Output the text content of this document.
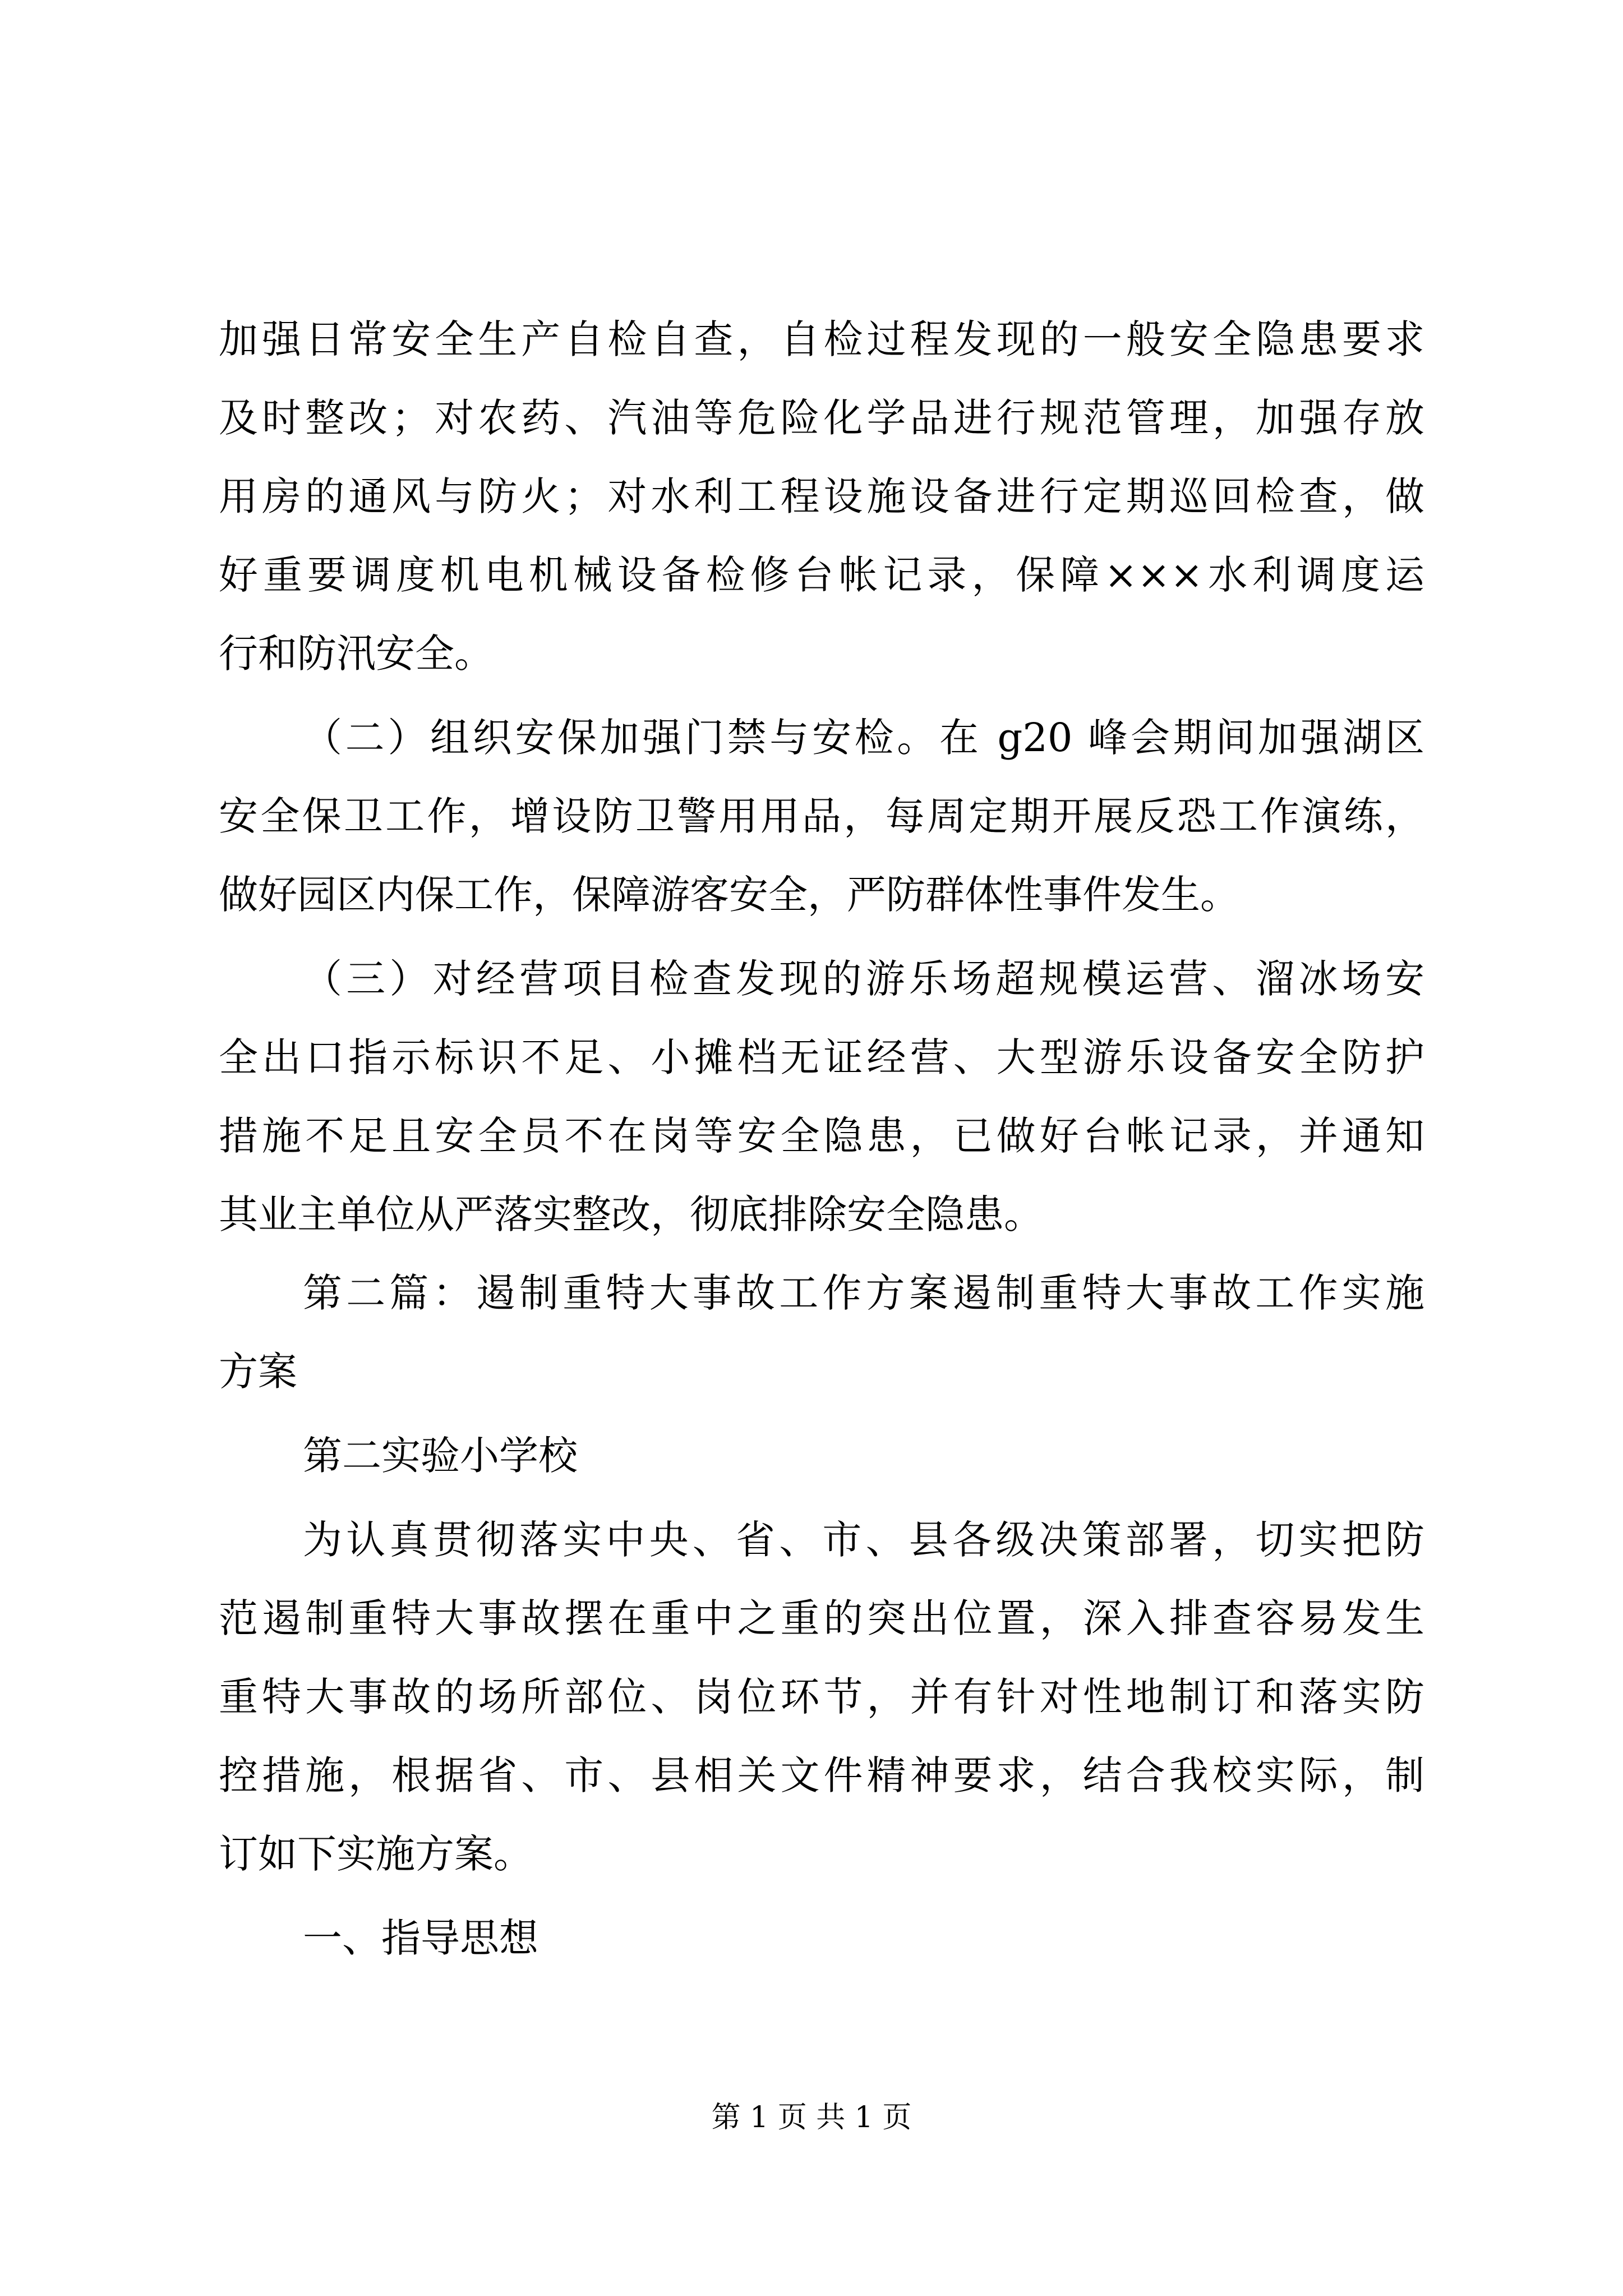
加强日常安全生产自检自查，自检过程发现的一般安全隐患要求

及时整改；对农药、汽油等危险化学品进行规范管理，加强存放

用房的通风与防火；对水利工程设施设备进行定期巡回检查，做

好重要调度机电机械设备检修台帐记录，保障×××水利调度运

行和防汛安全。

（二）组织安保加强门禁与安检。在 g20 峰会期间加强湖区

安全保卫工作，增设防卫警用用品，每周定期开展反恐工作演练，

做好园区内保工作，保障游客安全，严防群体性事件发生。

（三）对经营项目检查发现的游乐场超规模运营、溜冰场安

全出口指示标识不足、小摊档无证经营、大型游乐设备安全防护

措施不足且安全员不在岗等安全隐患，已做好台帐记录，并通知

其业主单位从严落实整改，彻底排除安全隐患。

第二篇：遏制重特大事故工作方案遏制重特大事故工作实施

方案

第二实验小学校

为认真贯彻落实中央、省、市、县各级决策部署，切实把防

范遏制重特大事故摆在重中之重的突出位置，深入排查容易发生

重特大事故的场所部位、岗位环节，并有针对性地制订和落实防

控措施，根据省、市、县相关文件精神要求，结合我校实际，制

订如下实施方案。

一、指导思想

第 1 页 共 1 页
